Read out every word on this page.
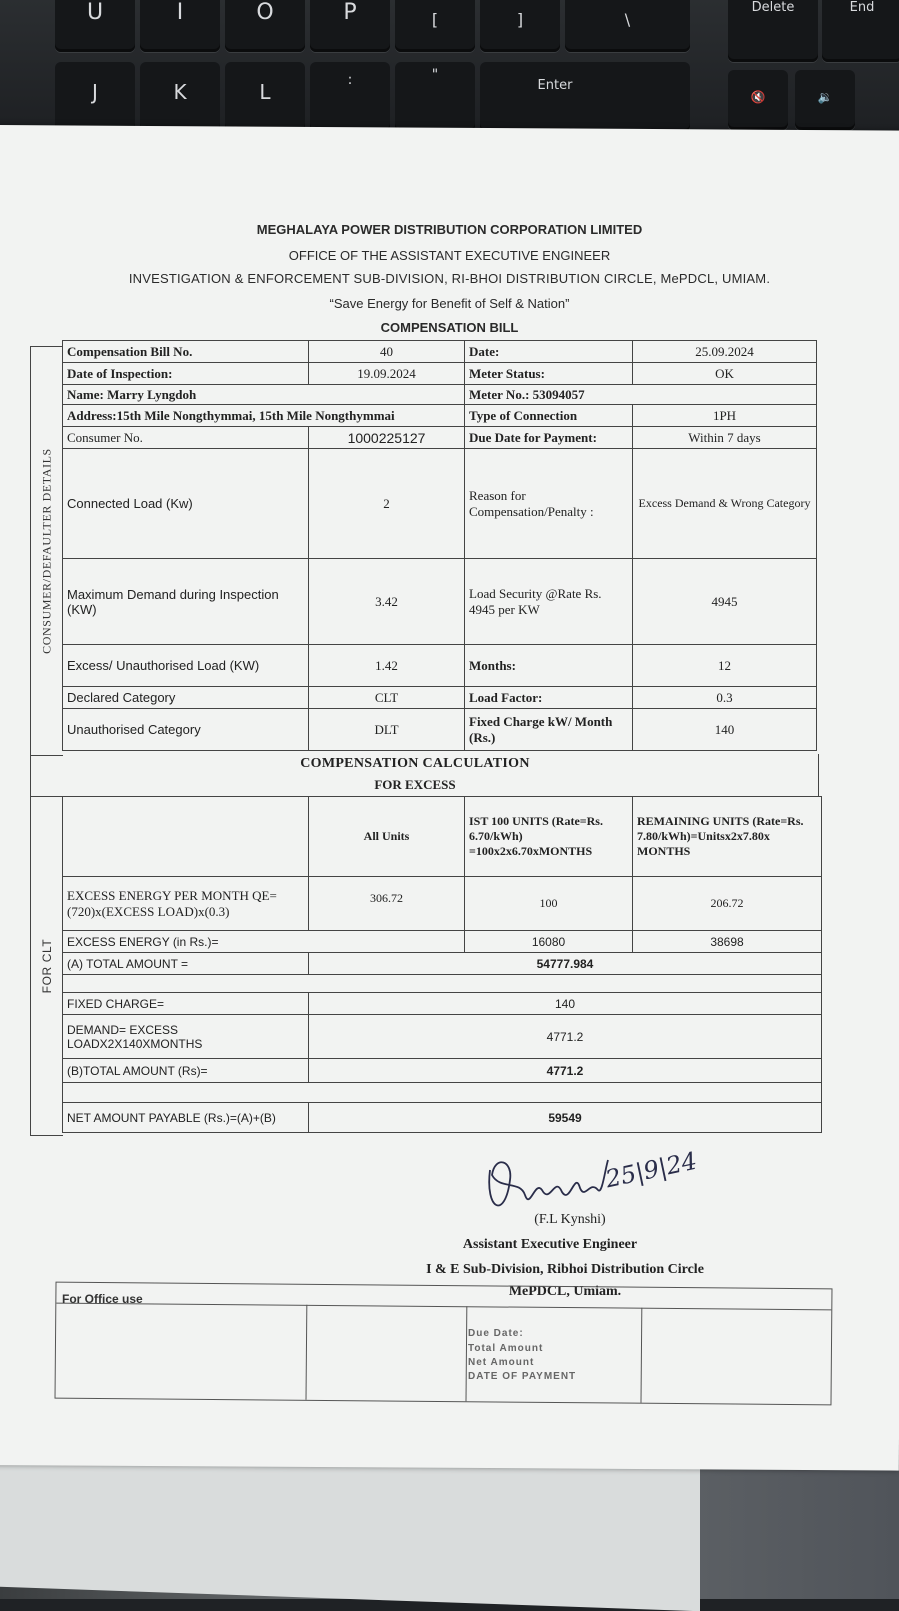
U	I	O	P	[	]	\
Delete	End
J	K	L	:	"
Enter
🔇	🔉
MEGHALAYA POWER DISTRIBUTION CORPORATION LIMITED
OFFICE OF THE ASSISTANT EXECUTIVE ENGINEER
INVESTIGATION & ENFORCEMENT SUB-DIVISION, RI-BHOI DISTRIBUTION CIRCLE, MePDCL, UMIAM.
“Save Energy for Benefit of Self & Nation”
COMPENSATION BILL
CONSUMER/DEFAULTER DETAILS
FOR CLT
Compensation Bill No.	40	Date:	25.09.2024
Date of Inspection:	19.09.2024	Meter Status:	OK
Name: Marry Lyngdoh		Meter No.: 53094057	
Address:15th Mile Nongthymmai, 15th Mile Nongthymmai		Type of Connection	1PH
Consumer No.	1000225127	Due Date for Payment:	Within 7 days
Connected Load (Kw)	2	Reason for Compensation/Penalty :	Excess Demand & Wrong Category
Maximum Demand during Inspection (KW)	3.42	Load Security @Rate Rs. 4945 per KW	4945
Excess/ Unauthorised Load (KW)	1.42	Months:	12
Declared Category	CLT	Load Factor:	0.3
Unauthorised Category	DLT	Fixed Charge kW/ Month (Rs.)	140
COMPENSATION CALCULATION
FOR EXCESS
	All Units	IST 100 UNITS (Rate=Rs. 6.70/kWh) =100x2x6.70xMONTHS	REMAINING UNITS (Rate=Rs. 7.80/kWh)=Unitsx2x7.80x MONTHS
EXCESS ENERGY PER MONTH QE=(720)x(EXCESS LOAD)x(0.3)	306.72	100	206.72
EXCESS ENERGY (in Rs.)=		16080	38698
(A) TOTAL AMOUNT =	54777.984		

FIXED CHARGE=	140		
DEMAND= EXCESS LOADX2X140XMONTHS	4771.2		
(B)TOTAL AMOUNT (Rs)=	4771.2		

NET AMOUNT PAYABLE (Rs.)=(A)+(B)	59549		
25|9|24
(F.L Kynshi)
Assistant Executive Engineer
I & E Sub-Division, Ribhoi Distribution Circle
MePDCL, Umiam.
For Office use
Due Date:
Total Amount
Net Amount
DATE OF PAYMENT
